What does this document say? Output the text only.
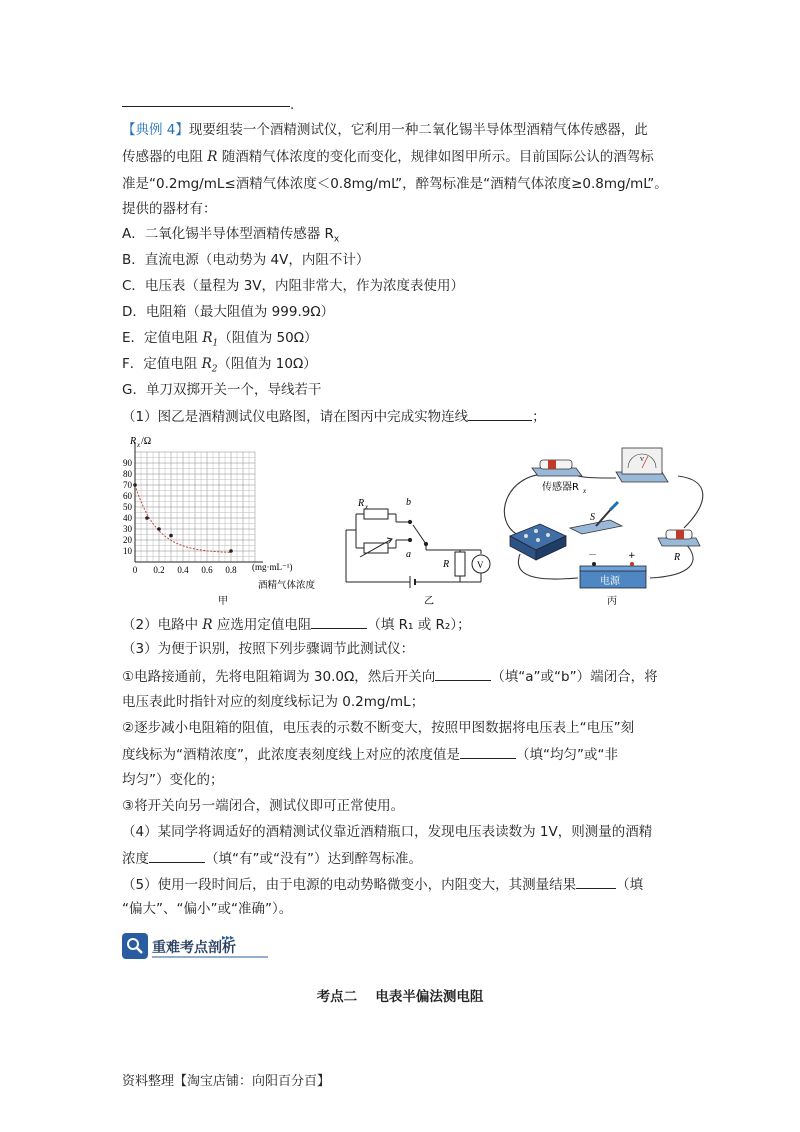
.
【典例 4】现要组装一个酒精测试仪，它利用一种二氧化锡半导体型酒精气体传感器，此
传感器的电阻 R 随酒精气体浓度的变化而变化，规律如图甲所示。目前国际公认的酒驾标
准是“0.2mg/mL≤酒精气体浓度＜0.8mg/mL”，醉驾标准是“酒精气体浓度≥0.8mg/mL”。
提供的器材有：
A．二氧化锡半导体型酒精传感器 $R_x$
B．直流电源（电动势为 4V，内阻不计）
C．电压表（量程为 3V，内阻非常大，作为浓度表使用）
D．电阻箱（最大阻值为 999.9Ω）
E．定值电阻 $R_1$（阻值为 50Ω）
F．定值电阻 $R_2$（阻值为 10Ω）
G．单刀双掷开关一个，导线若干
（1）图乙是酒精测试仪电路图，请在图丙中完成实物连线	；
10
20
30
40
50
60
70
80
90
0 0.2 0.4 0.6 0.8
R x /Ω
(mg·mL⁻¹)
酒精气体浓度
甲
R x	b
a
R	V
乙
传感器R x
V
S
R
－	+
电源
丙
（2）电路中 R 应选用定值电阻	（填 R₁ 或 R₂）；
（3）为便于识别，按照下列步骤调节此测试仪：
①电路接通前，先将电阻箱调为 30.0Ω，然后开关向	（填“a”或“b”）端闭合，将
电压表此时指针对应的刻度线标记为 0.2mg/mL；
②逐步减小电阻箱的阻值，电压表的示数不断变大，按照甲图数据将电压表上“电压”刻
度线标为“酒精浓度”，此浓度表刻度线上对应的浓度值是	（填“均匀”或“非
均匀”）变化的；
③将开关向另一端闭合，测试仪即可正常使用。
（4）某同学将调适好的酒精测试仪靠近酒精瓶口，发现电压表读数为 1V，则测量的酒精
浓度	（填“有”或“没有”）达到醉驾标准。
（5）使用一段时间后，由于电源的电动势略微变小，内阻变大，其测量结果	（填
“偏大”、“偏小”或“准确”）。
重难考点剖析
▸▸▸
考点二　 电表半偏法测电阻
资料整理【淘宝店铺：向阳百分百】
